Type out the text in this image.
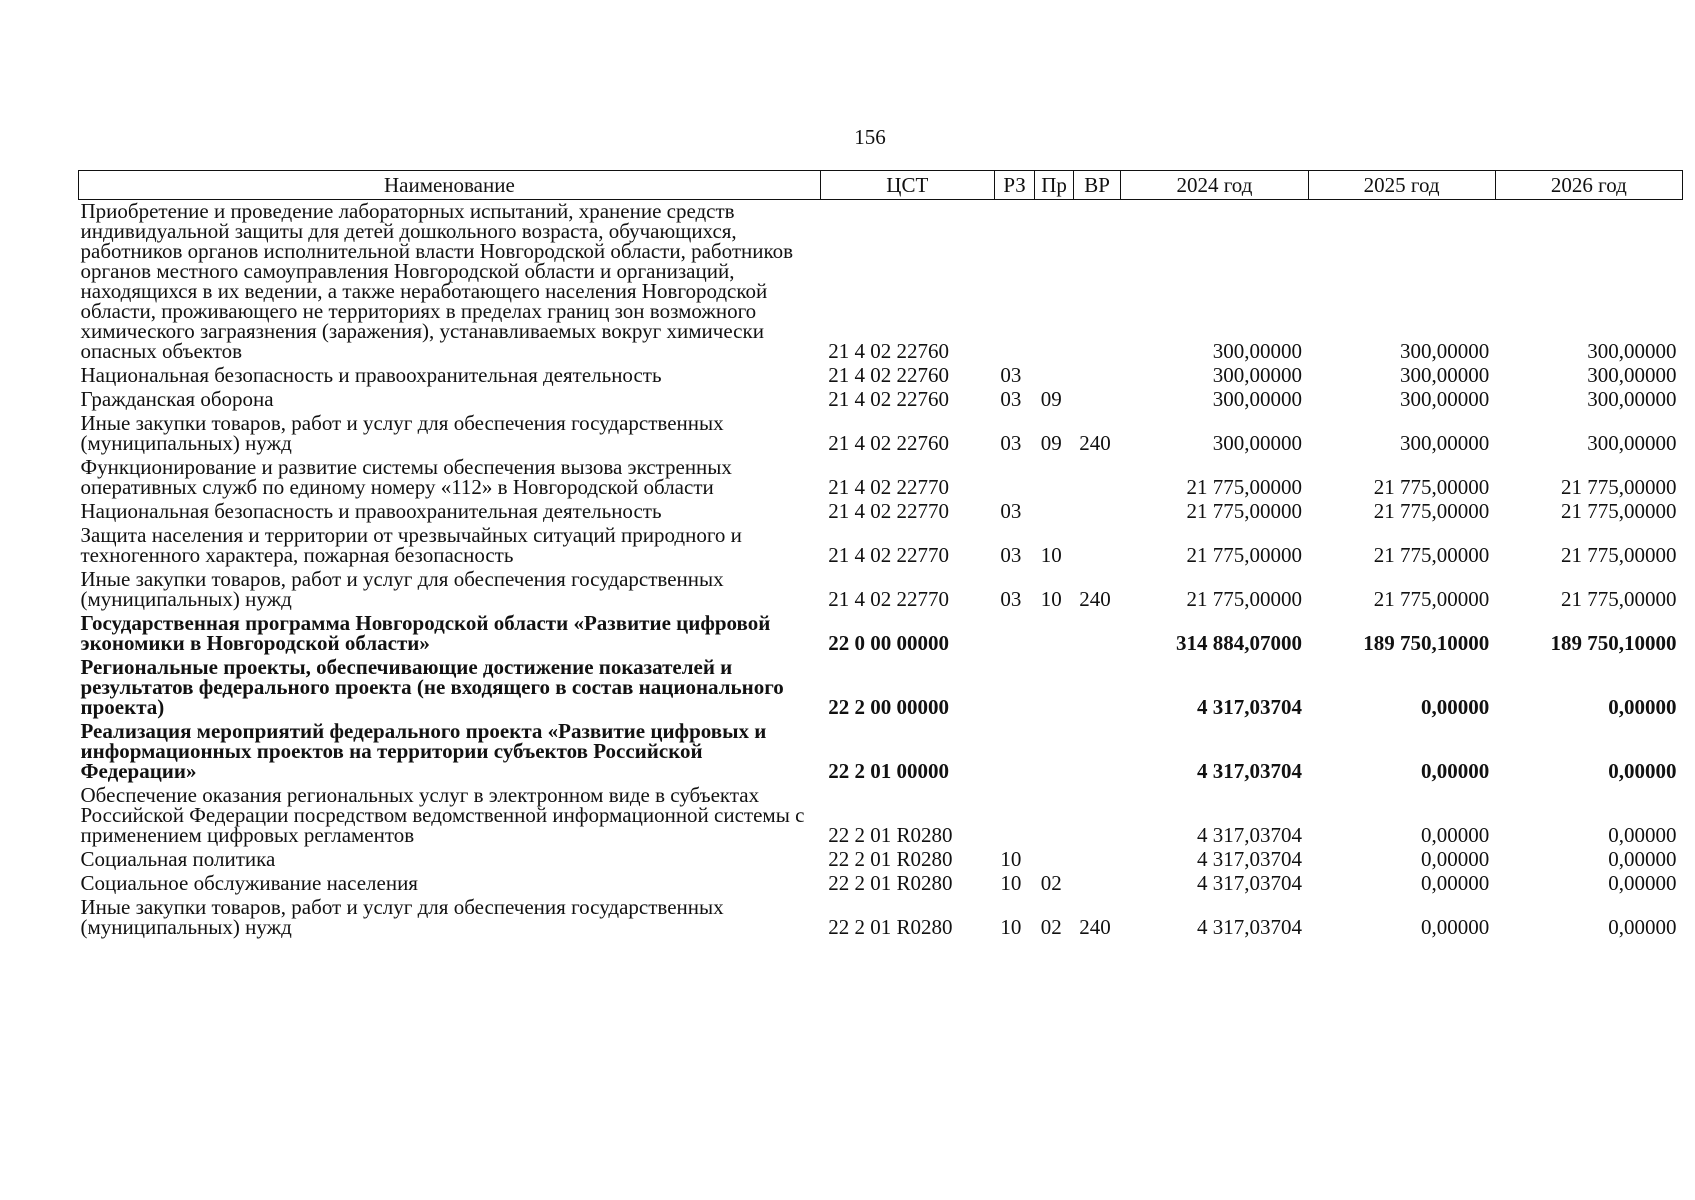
156
Наименование	ЦСТ	РЗ	Пр	ВР	2024 год	2025 год	2026 год
Приобретение и проведение лабораторных испытаний, хранение средств индивидуальной защиты для детей дошкольного возраста, обучающихся, работников органов исполнительной власти Новгородской области, работников органов местного самоуправления Новгородской области и организаций, находящихся в их ведении, а также неработающего населения Новгородской области, проживающего не территориях в пределах границ зон возможного химического заграязнения (заражения), устанавливаемых вокруг химически опасных объектов	21 4 02 22760				300,00000	300,00000	300,00000
Национальная безопасность и правоохранительная деятельность	21 4 02 22760	03			300,00000	300,00000	300,00000
Гражданская оборона	21 4 02 22760	03	09		300,00000	300,00000	300,00000
Иные закупки товаров, работ и услуг для обеспечения государственных (муниципальных) нужд	21 4 02 22760	03	09	240	300,00000	300,00000	300,00000
Функционирование и развитие системы обеспечения вызова экстренных оперативных служб по единому номеру «112» в Новгородской области	21 4 02 22770				21 775,00000	21 775,00000	21 775,00000
Национальная безопасность и правоохранительная деятельность	21 4 02 22770	03			21 775,00000	21 775,00000	21 775,00000
Защита населения и территории от чрезвычайных ситуаций природного и техногенного характера, пожарная безопасность	21 4 02 22770	03	10		21 775,00000	21 775,00000	21 775,00000
Иные закупки товаров, работ и услуг для обеспечения государственных (муниципальных) нужд	21 4 02 22770	03	10	240	21 775,00000	21 775,00000	21 775,00000
Государственная программа Новгородской области «Развитие цифровой экономики в Новгородской области»	22 0 00 00000				314 884,07000	189 750,10000	189 750,10000
Региональные проекты, обеспечивающие достижение показателей и результатов федерального проекта (не входящего в состав национального проекта)	22 2 00 00000				4 317,03704	0,00000	0,00000
Реализация мероприятий федерального проекта «Развитие цифровых и информационных проектов на территории субъектов Российской Федерации»	22 2 01 00000				4 317,03704	0,00000	0,00000
Обеспечение оказания региональных услуг в электронном виде в субъектах Российской Федерации посредством ведомственной информационной системы с применением цифровых регламентов	22 2 01 R0280				4 317,03704	0,00000	0,00000
Социальная политика	22 2 01 R0280	10			4 317,03704	0,00000	0,00000
Социальное обслуживание населения	22 2 01 R0280	10	02		4 317,03704	0,00000	0,00000
Иные закупки товаров, работ и услуг для обеспечения государственных (муниципальных) нужд	22 2 01 R0280	10	02	240	4 317,03704	0,00000	0,00000
